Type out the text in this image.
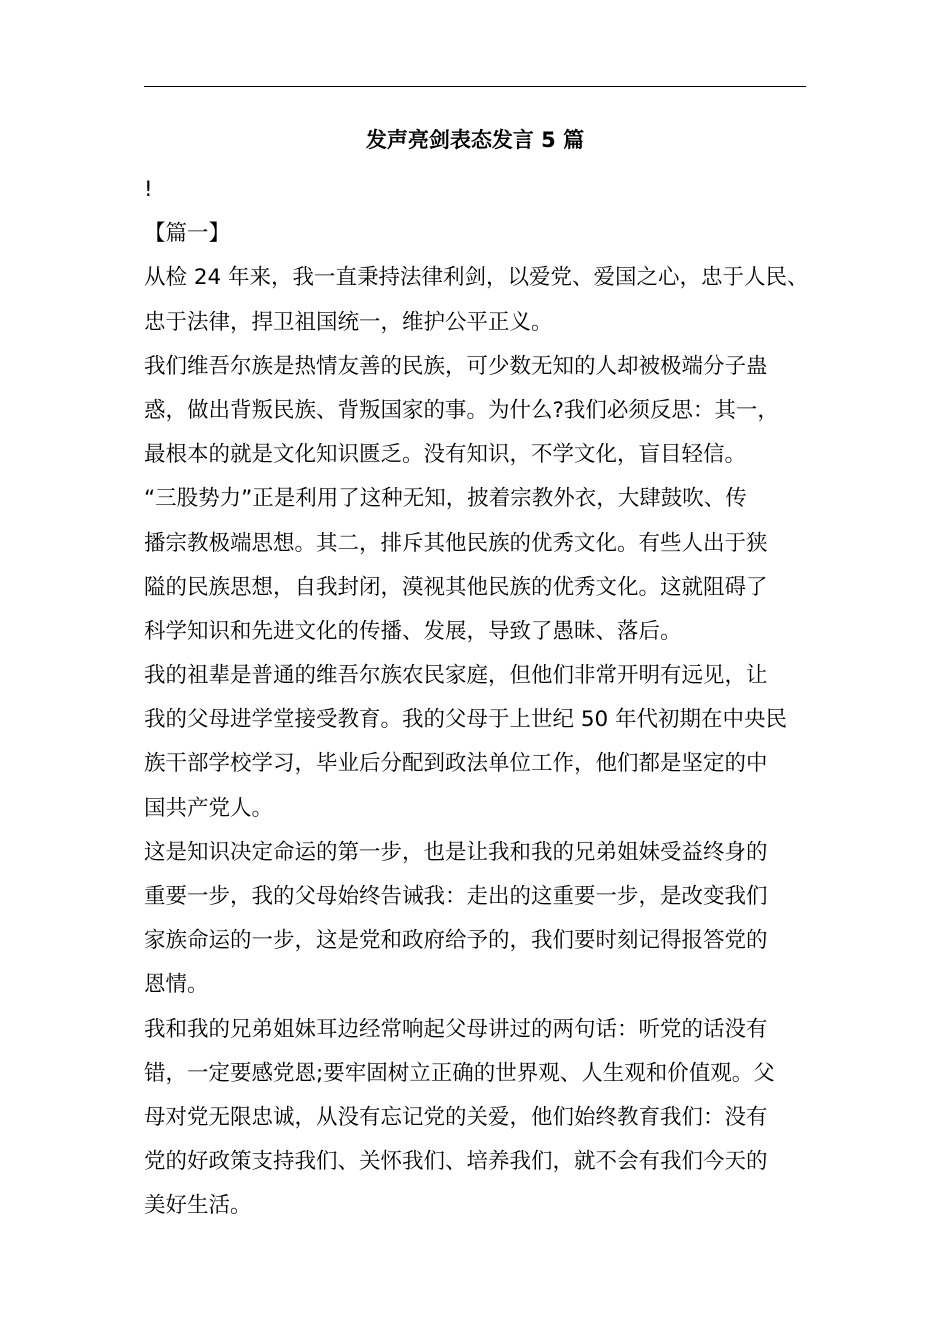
发声亮剑表态发言 5 篇
!
【篇一】
从检 24 年来，我一直秉持法律利剑，以爱党、爱国之心，忠于人民、
忠于法律，捍卫祖国统一，维护公平正义。
我们维吾尔族是热情友善的民族，可少数无知的人却被极端分子蛊
惑，做出背叛民族、背叛国家的事。为什么?我们必须反思：其一，
最根本的就是文化知识匮乏。没有知识，不学文化，盲目轻信。
“三股势力”正是利用了这种无知，披着宗教外衣，大肆鼓吹、传
播宗教极端思想。其二，排斥其他民族的优秀文化。有些人出于狭
隘的民族思想，自我封闭，漠视其他民族的优秀文化。这就阻碍了
科学知识和先进文化的传播、发展，导致了愚昧、落后。
我的祖辈是普通的维吾尔族农民家庭，但他们非常开明有远见，让
我的父母进学堂接受教育。我的父母于上世纪 50 年代初期在中央民
族干部学校学习，毕业后分配到政法单位工作，他们都是坚定的中
国共产党人。
这是知识决定命运的第一步，也是让我和我的兄弟姐妹受益终身的
重要一步，我的父母始终告诫我：走出的这重要一步，是改变我们
家族命运的一步，这是党和政府给予的，我们要时刻记得报答党的
恩情。
我和我的兄弟姐妹耳边经常响起父母讲过的两句话：听党的话没有
错，一定要感党恩;要牢固树立正确的世界观、人生观和价值观。父
母对党无限忠诚，从没有忘记党的关爱，他们始终教育我们：没有
党的好政策支持我们、关怀我们、培养我们，就不会有我们今天的
美好生活。
